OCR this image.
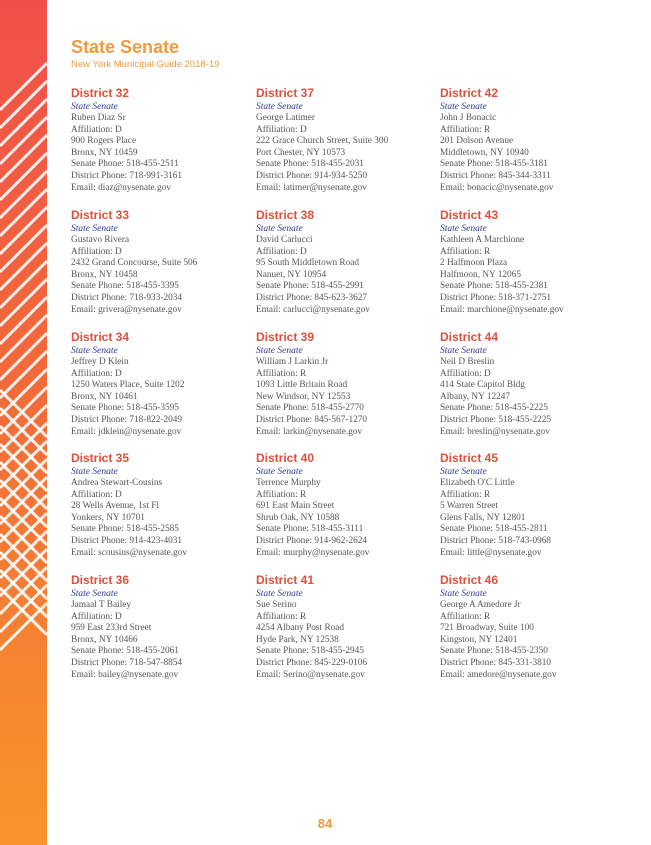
State Senate
New York Municipal Guide 2018-19
District 32
State Senate
Ruben Diaz Sr
Affiliation: D
900 Rogers Place
Bronx, NY 10459
Senate Phone: 518-455-2511
District Phone: 718-991-3161
Email: diaz@nysenate.gov
District 37
State Senate
George Latimer
Affiliation: D
222 Grace Church Street, Suite 300
Port Chester, NY 10573
Senate Phone: 518-455-2031
District Phone: 914-934-5250
Email: latimer@nysenate.gov
District 42
State Senate
John J Bonacic
Affiliation: R
201 Dolson Avenue
Middletown, NY 10940
Senate Phone: 518-455-3181
District Phone: 845-344-3311
Email: bonacic@nysenate.gov
District 33
State Senate
Gustavo Rivera
Affiliation: D
2432 Grand Concourse, Suite 506
Bronx, NY 10458
Senate Phone: 518-455-3395
District Phone: 718-933-2034
Email: grivera@nysenate.gov
District 38
State Senate
David Carlucci
Affiliation: D
95 South Middletown Road
Nanuet, NY 10954
Senate Phone: 518-455-2991
District Phone: 845-623-3627
Email: carlucci@nysenate.gov
District 43
State Senate
Kathleen A Marchione
Affiliation: R
2 Halfmoon Plaza
Halfmoon, NY 12065
Senate Phone: 518-455-2381
District Phone: 518-371-2751
Email: marchione@nysenate.gov
District 34
State Senate
Jeffrey D Klein
Affiliation: D
1250 Waters Place, Suite 1202
Bronx, NY 10461
Senate Phone: 518-455-3595
District Phone: 718-822-2049
Email: jdklein@nysenate.gov
District 39
State Senate
William J Larkin Jr
Affiliation: R
1093 Little Britain Road
New Windsor, NY 12553
Senate Phone: 518-455-2770
District Phone: 845-567-1270
Email: larkin@nysenate.gov
District 44
State Senate
Neil D Breslin
Affiliation: D
414 State Capitol Bldg
Albany, NY 12247
Senate Phone: 518-455-2225
District Phone: 518-455-2225
Email: breslin@nysenate.gov
District 35
State Senate
Andrea Stewart-Cousins
Affiliation: D
28 Wells Avenue, 1st Fl
Yonkers, NY 10701
Senate Phone: 518-455-2585
District Phone: 914-423-4031
Email: scousins@nysenate.gov
District 40
State Senate
Terrence Murphy
Affiliation: R
691 East Main Street
Shrub Oak, NY 10588
Senate Phone: 518-455-3111
District Phone: 914-962-2624
Email: murphy@nysenate.gov
District 45
State Senate
Elizabeth O'C Little
Affiliation: R
5 Warren Street
Glens Falls, NY 12801
Senate Phone: 518-455-2811
District Phone: 518-743-0968
Email: little@nysenate.gov
District 36
State Senate
Jamaal T Bailey
Affiliation: D
959 East 233rd Street
Bronx, NY 10466
Senate Phone: 518-455-2061
District Phone: 718-547-8854
Email: bailey@nysenate.gov
District 41
State Senate
Sue Serino
Affiliation: R
4254 Albany Post Road
Hyde Park, NY 12538
Senate Phone: 518-455-2945
District Phone: 845-229-0106
Email: Serino@nysenate.gov
District 46
State Senate
George A Amedore Jr
Affiliation: R
721 Broadway, Suite 100
Kingston, NY 12401
Senate Phone: 518-455-2350
District Phone: 845-331-3810
Email: amedore@nysenate.gov
84
